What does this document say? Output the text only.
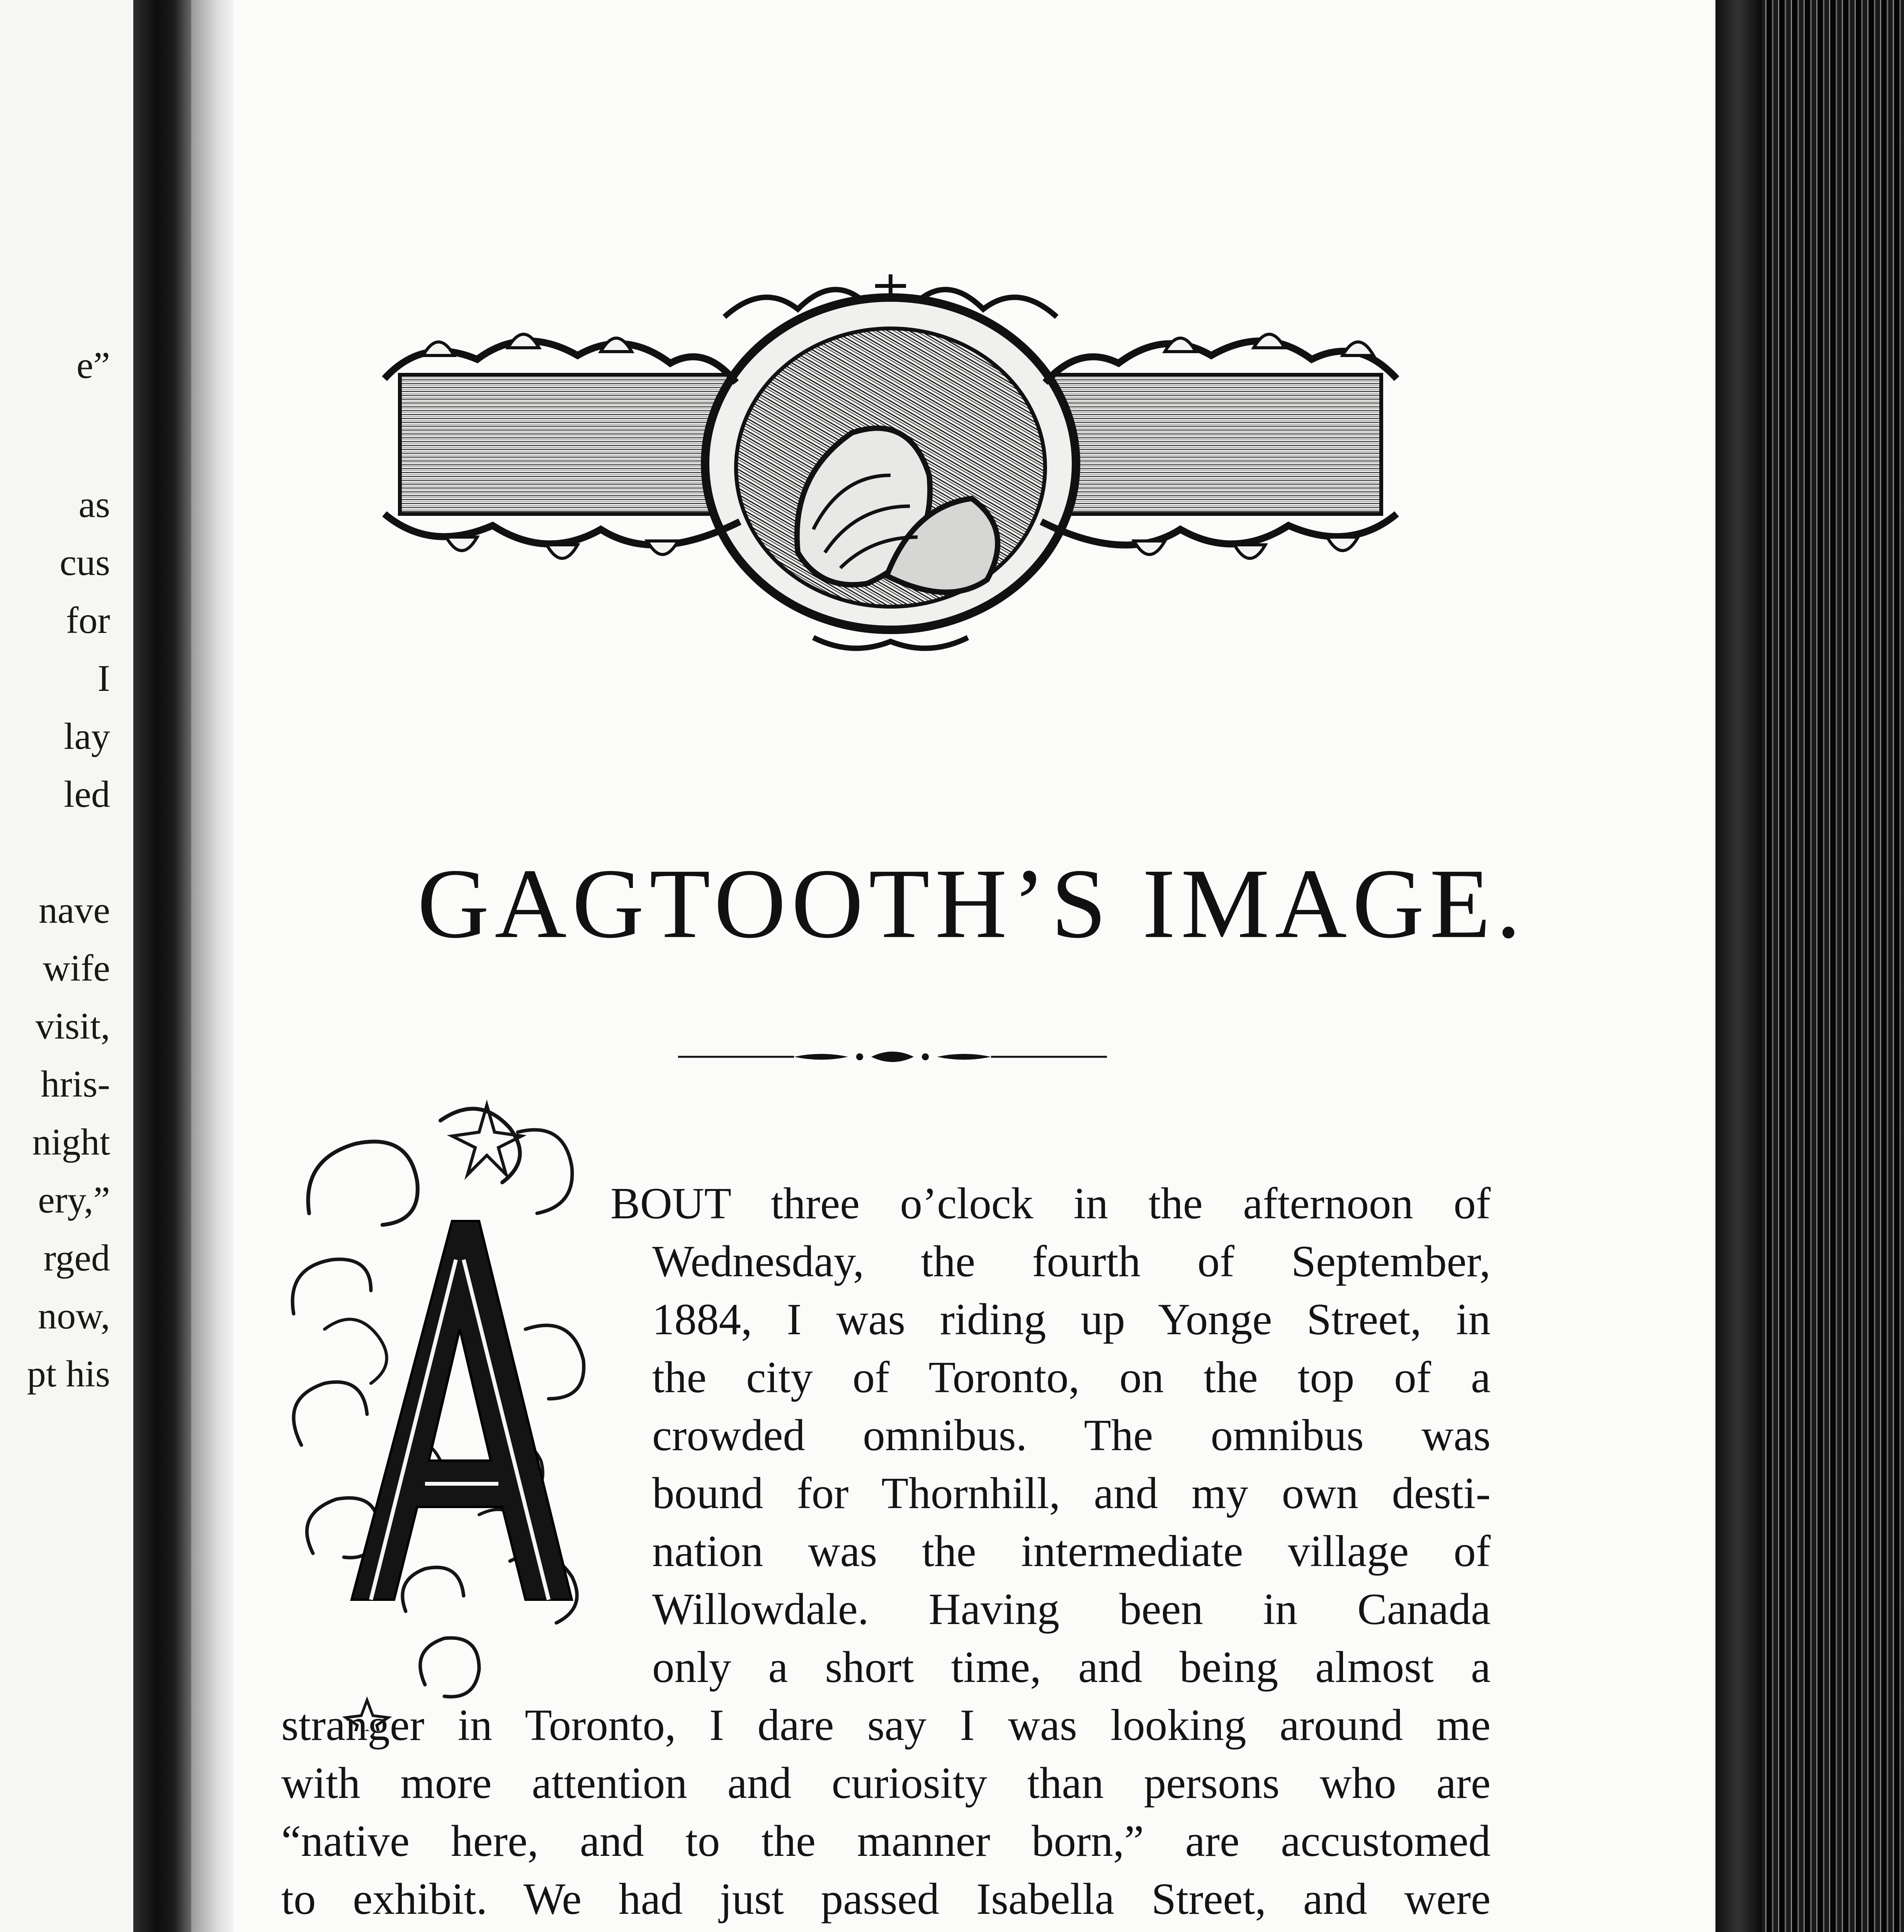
e”
as
cus
for
 I
lay
led
nave
wife
visit,
hris-
night
ery,”
rged
now,
pt his
GAGTOOTH’S IMAGE.
BOUT three o’clock in the afternoon of
Wednesday, the fourth of September,
1884, I was riding up Yonge Street, in
the city of Toronto, on the top of a
crowded omnibus. The omnibus was
bound for Thornhill, and my own desti-
nation was the intermediate village of
Willowdale. Having been in Canada
only a short time, and being almost a
stranger in Toronto, I dare say I was looking around me
with more attention and curiosity than persons who are
“native here, and to the manner born,” are accustomed
to exhibit. We had just passed Isabella Street, and were
